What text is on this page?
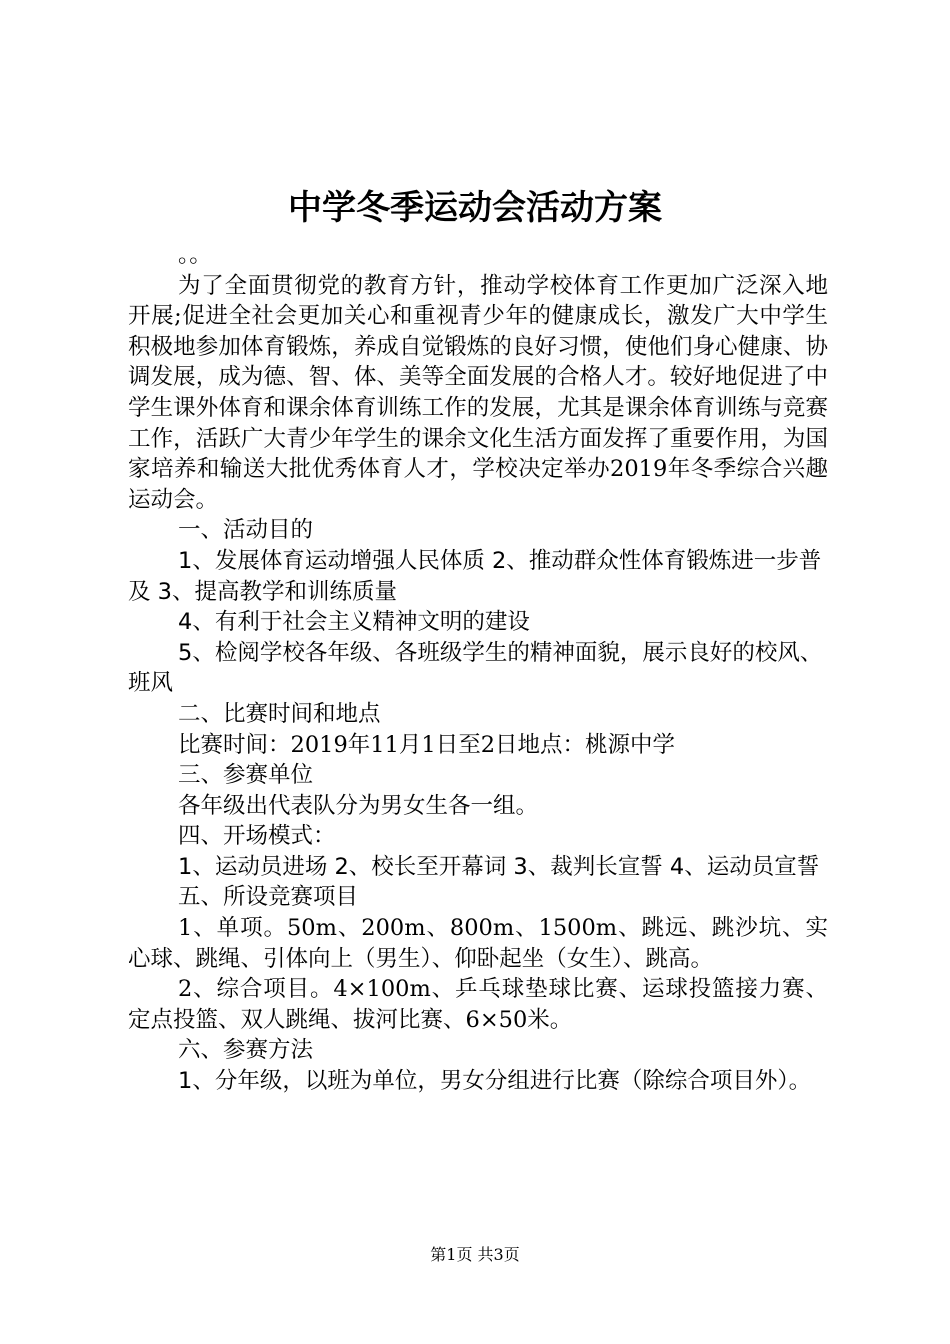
中学冬季运动会活动方案

。。

为了全面贯彻党的教育方针，推动学校体育工作更加广泛深入地开展;促进全社会更加关心和重视青少年的健康成长，激发广大中学生积极地参加体育锻炼，养成自觉锻炼的良好习惯，使他们身心健康、协调发展，成为德、智、体、美等全面发展的合格人才。较好地促进了中学生课外体育和课余体育训练工作的发展，尤其是课余体育训练与竞赛工作，活跃广大青少年学生的课余文化生活方面发挥了重要作用，为国家培养和输送大批优秀体育人才，学校决定举办2019年冬季综合兴趣运动会。

一、活动目的

1、发展体育运动增强人民体质 2、推动群众性体育锻炼进一步普及 3、提高教学和训练质量

4、有利于社会主义精神文明的建设

5、检阅学校各年级、各班级学生的精神面貌，展示良好的校风、班风

二、比赛时间和地点

比赛时间：2019年11月1日至2日地点：桃源中学

三、参赛单位

各年级出代表队分为男女生各一组。

四、开场模式：

1、运动员进场 2、校长至开幕词 3、裁判长宣誓 4、运动员宣誓

五、所设竞赛项目

1、单项。50m、200m、800m、1500m、跳远、跳沙坑、实心球、跳绳、引体向上（男生）、仰卧起坐（女生）、跳高。

2、综合项目。4×100m、乒乓球垫球比赛、运球投篮接力赛、定点投篮、双人跳绳、拔河比赛、6×50米。

六、参赛方法

1、分年级，以班为单位，男女分组进行比赛（除综合项目外）。

第1页 共3页
